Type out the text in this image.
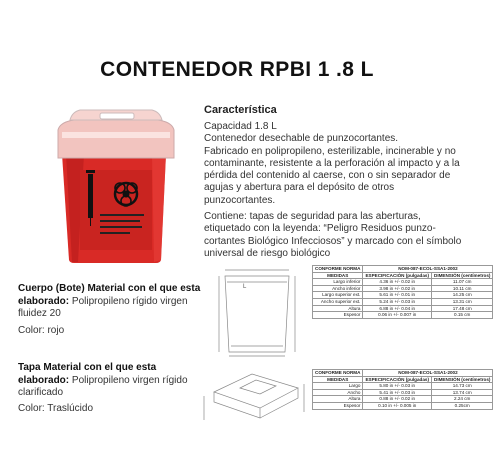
CONTENEDOR RPBI 1 .8 L
Característica

Capacidad 1.8 L

Contenedor desechable de punzocortantes.

Fabricado en polipropileno, esterilizable, incinerable y no contaminante, resistente a la perforación al impacto y a la pérdida del contenido al caerse, con o sin separador de agujas y abertura para el depósito de otros punzocortantes.

Contiene: tapas de seguridad para las aberturas, etiquetado con la leyenda: “Peligro Residuos punzo-cortantes Biológico Infecciosos” y marcado con el símbolo universal de riesgo biológico
Cuerpo (Bote) Material con el que esta elaborado: Polipropileno rígido virgen fluidez 20
Color: rojo
Tapa Material con el que esta elaborado: Polipropileno virgen rígido clarificado
Color: Traslúcido
L
CONFORME NORMA	NOM-087-ECOL-SSA1-2002	
MEDIDAS	ESPECIFICACIÓN (pulgadas)	DIMENSIÓN (centímetros)
Largo inferior	4.36 in +/- 0.02 in	11.07 cm
Ancho inferior	3.98 in +/- 0.02 in	10.11 cm
Largo superior ext.	5.61 in +/- 0.01 in	14.25 cm
Ancho superior ext.	5.24 in +/- 0.03 in	13.31 cm
Altura	6.88 in +/- 0.04 in	17.48 cm
Espesor	0.06 in +/- 0.007 in	0.15 cm
CONFORME NORMA	NOM-087-ECOL-SSA1-2002	
MEDIDAS	ESPECIFICACIÓN (pulgadas)	DIMENSIÓN (centímetros)
Largo	5.80 in +/- 0.03 in	14.73 cm
Ancho	5.41 in +/- 0.03 in	13.74 cm
Altura	0.88 in +/- 0.02 in	2.24 cm
Espesor	0.10 in +/- 0.005 in	0.25cm
